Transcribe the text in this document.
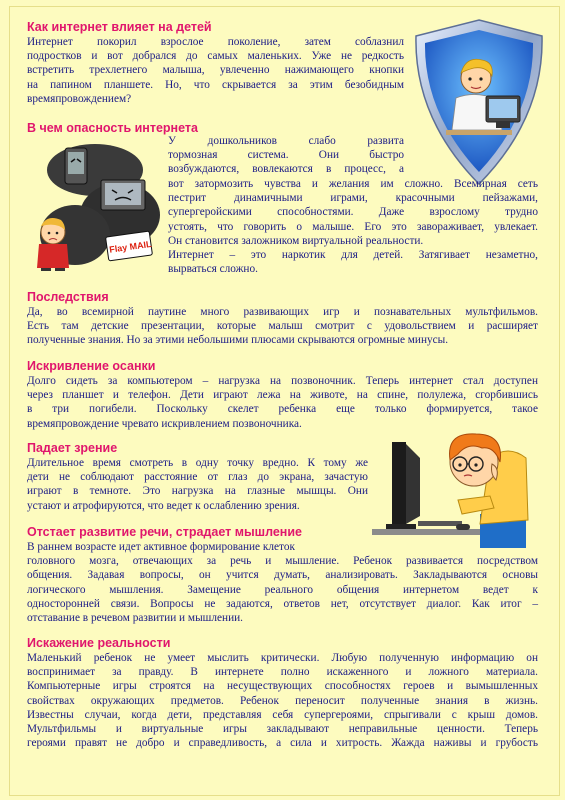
Как интернет влияет на детей
Интернет покорил взрослое поколение, затем соблазнил
подростков и вот добрался до самых маленьких. Уже не редкость
встретить трехлетнего малыша, увлеченно нажимающего кнопки
на папином планшете. Но, что скрывается за этим безобидным
времяпровождением?
В чем опасность интернета
Flay MAIL
У дошкольников слабо развита
тормозная система. Они быстро
возбуждаются, вовлекаются в процесс, а
вот затормозить чувства и желания им сложно. Всемирная сеть
пестрит динамичными играми, красочными пейзажами,
супергеройскими способностями. Даже взрослому трудно
устоять, что говорить о малыше. Его это завораживает, увлекает.
Он становится заложником виртуальной реальности.
Интернет – это наркотик для детей. Затягивает незаметно,
вырваться сложно.
Последствия
Да, во всемирной паутине много развивающих игр и познавательных мультфильмов.
Есть там детские презентации, которые малыш смотрит с удовольствием и расширяет
полученные знания. Но за этими небольшими плюсами скрываются огромные минусы.
Искривление осанки
Долго сидеть за компьютером – нагрузка на позвоночник. Теперь интернет стал доступен
через планшет и телефон. Дети играют лежа на животе, на спине, полулежа, сгорбившись
в три погибели. Поскольку скелет ребенка еще только формируется, такое
времяпровождение чревато искривлением позвоночника.
Падает зрение
Длительное время смотреть в одну точку вредно. К тому же
дети не соблюдают расстояние от глаз до экрана, зачастую
играют в темноте. Это нагрузка на глазные мышцы. Они
устают и атрофируются, что ведет к ослаблению зрения.
Отстает развитие речи, страдает мышление
В раннем возрасте идет активное формирование клеток
головного мозга, отвечающих за речь и мышление. Ребенок развивается посредством
общения. Задавая вопросы, он учится думать, анализировать. Закладываются основы
логического мышления. Замещение реального общения интернетом ведет к
односторонней связи. Вопросы не задаются, ответов нет, отсутствует диалог. Как итог –
отставание в речевом развитии и мышлении.
Искажение реальности
Маленький ребенок не умеет мыслить критически. Любую полученную информацию он
воспринимает за правду. В интернете полно искаженного и ложного материала.
Компьютерные игры строятся на несуществующих способностях героев и вымышленных
свойствах окружающих предметов. Ребенок переносит полученные знания в жизнь.
Известны случаи, когда дети, представляя себя супергероями, спрыгивали с крыш домов.
Мультфильмы и виртуальные игры закладывают неправильные ценности. Теперь
героями правят не добро и справедливость, а сила и хитрость. Жажда наживы и грубость
